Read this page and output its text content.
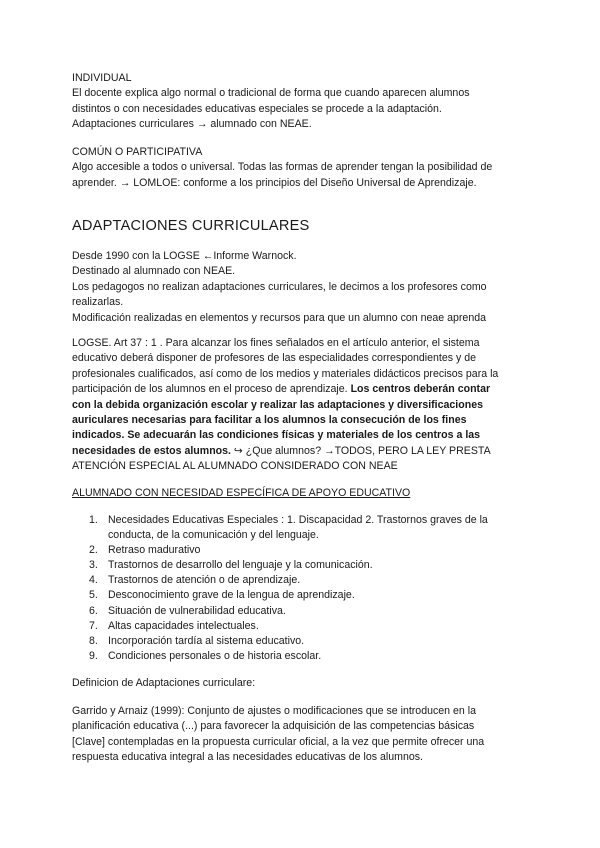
INDIVIDUAL
El docente explica algo normal o tradicional de forma que cuando aparecen alumnos
distintos o con necesidades educativas especiales se procede a la adaptación.
Adaptaciones curriculares → alumnado con NEAE.
COMÚN O PARTICIPATIVA
Algo accesible a todos o universal. Todas las formas de aprender tengan la posibilidad de
aprender. → LOMLOE: conforme a los principios del Diseño Universal de Aprendizaje.
ADAPTACIONES CURRICULARES
Desde 1990 con la LOGSE ←Informe Warnock.
Destinado al alumnado con NEAE.
Los pedagogos no realizan adaptaciones curriculares, le decimos a los profesores como
realizarlas.
Modificación realizadas en elementos y recursos para que un alumno con neae aprenda
LOGSE. Art 37 : 1 . Para alcanzar los fines señalados en el artículo anterior, el sistema
educativo deberá disponer de profesores de las especialidades correspondientes y de
profesionales cualificados, así como de los medios y materiales didácticos precisos para la
participación de los alumnos en el proceso de aprendizaje. Los centros deberán contar
con la debida organización escolar y realizar las adaptaciones y diversificaciones
auriculares necesarias para facilitar a los alumnos la consecución de los fines
indicados. Se adecuarán las condiciones físicas y materiales de los centros a las
necesidades de estos alumnos. ↪ ¿Que alumnos? →TODOS, PERO LA LEY PRESTA
ATENCIÓN ESPECIAL AL ALUMNADO CONSIDERADO CON NEAE
ALUMNADO CON NECESIDAD ESPECÍFICA DE APOYO EDUCATIVO
1. Necesidades Educativas Especiales : 1. Discapacidad 2. Trastornos graves de la
conducta, de la comunicación y del lenguaje.
2. Retraso madurativo
3. Trastornos de desarrollo del lenguaje y la comunicación.
4. Trastornos de atención o de aprendizaje.
5. Desconocimiento grave de la lengua de aprendizaje.
6. Situación de vulnerabilidad educativa.
7. Altas capacidades intelectuales.
8. Incorporación tardía al sistema educativo.
9. Condiciones personales o de historia escolar.
Definicion de Adaptaciones curriculare:
Garrido y Arnaiz (1999): Conjunto de ajustes o modificaciones que se introducen en la
planificación educativa (...) para favorecer la adquisición de las competencias básicas
[Clave] contempladas en la propuesta curricular oficial, a la vez que permite ofrecer una
respuesta educativa integral a las necesidades educativas de los alumnos.
